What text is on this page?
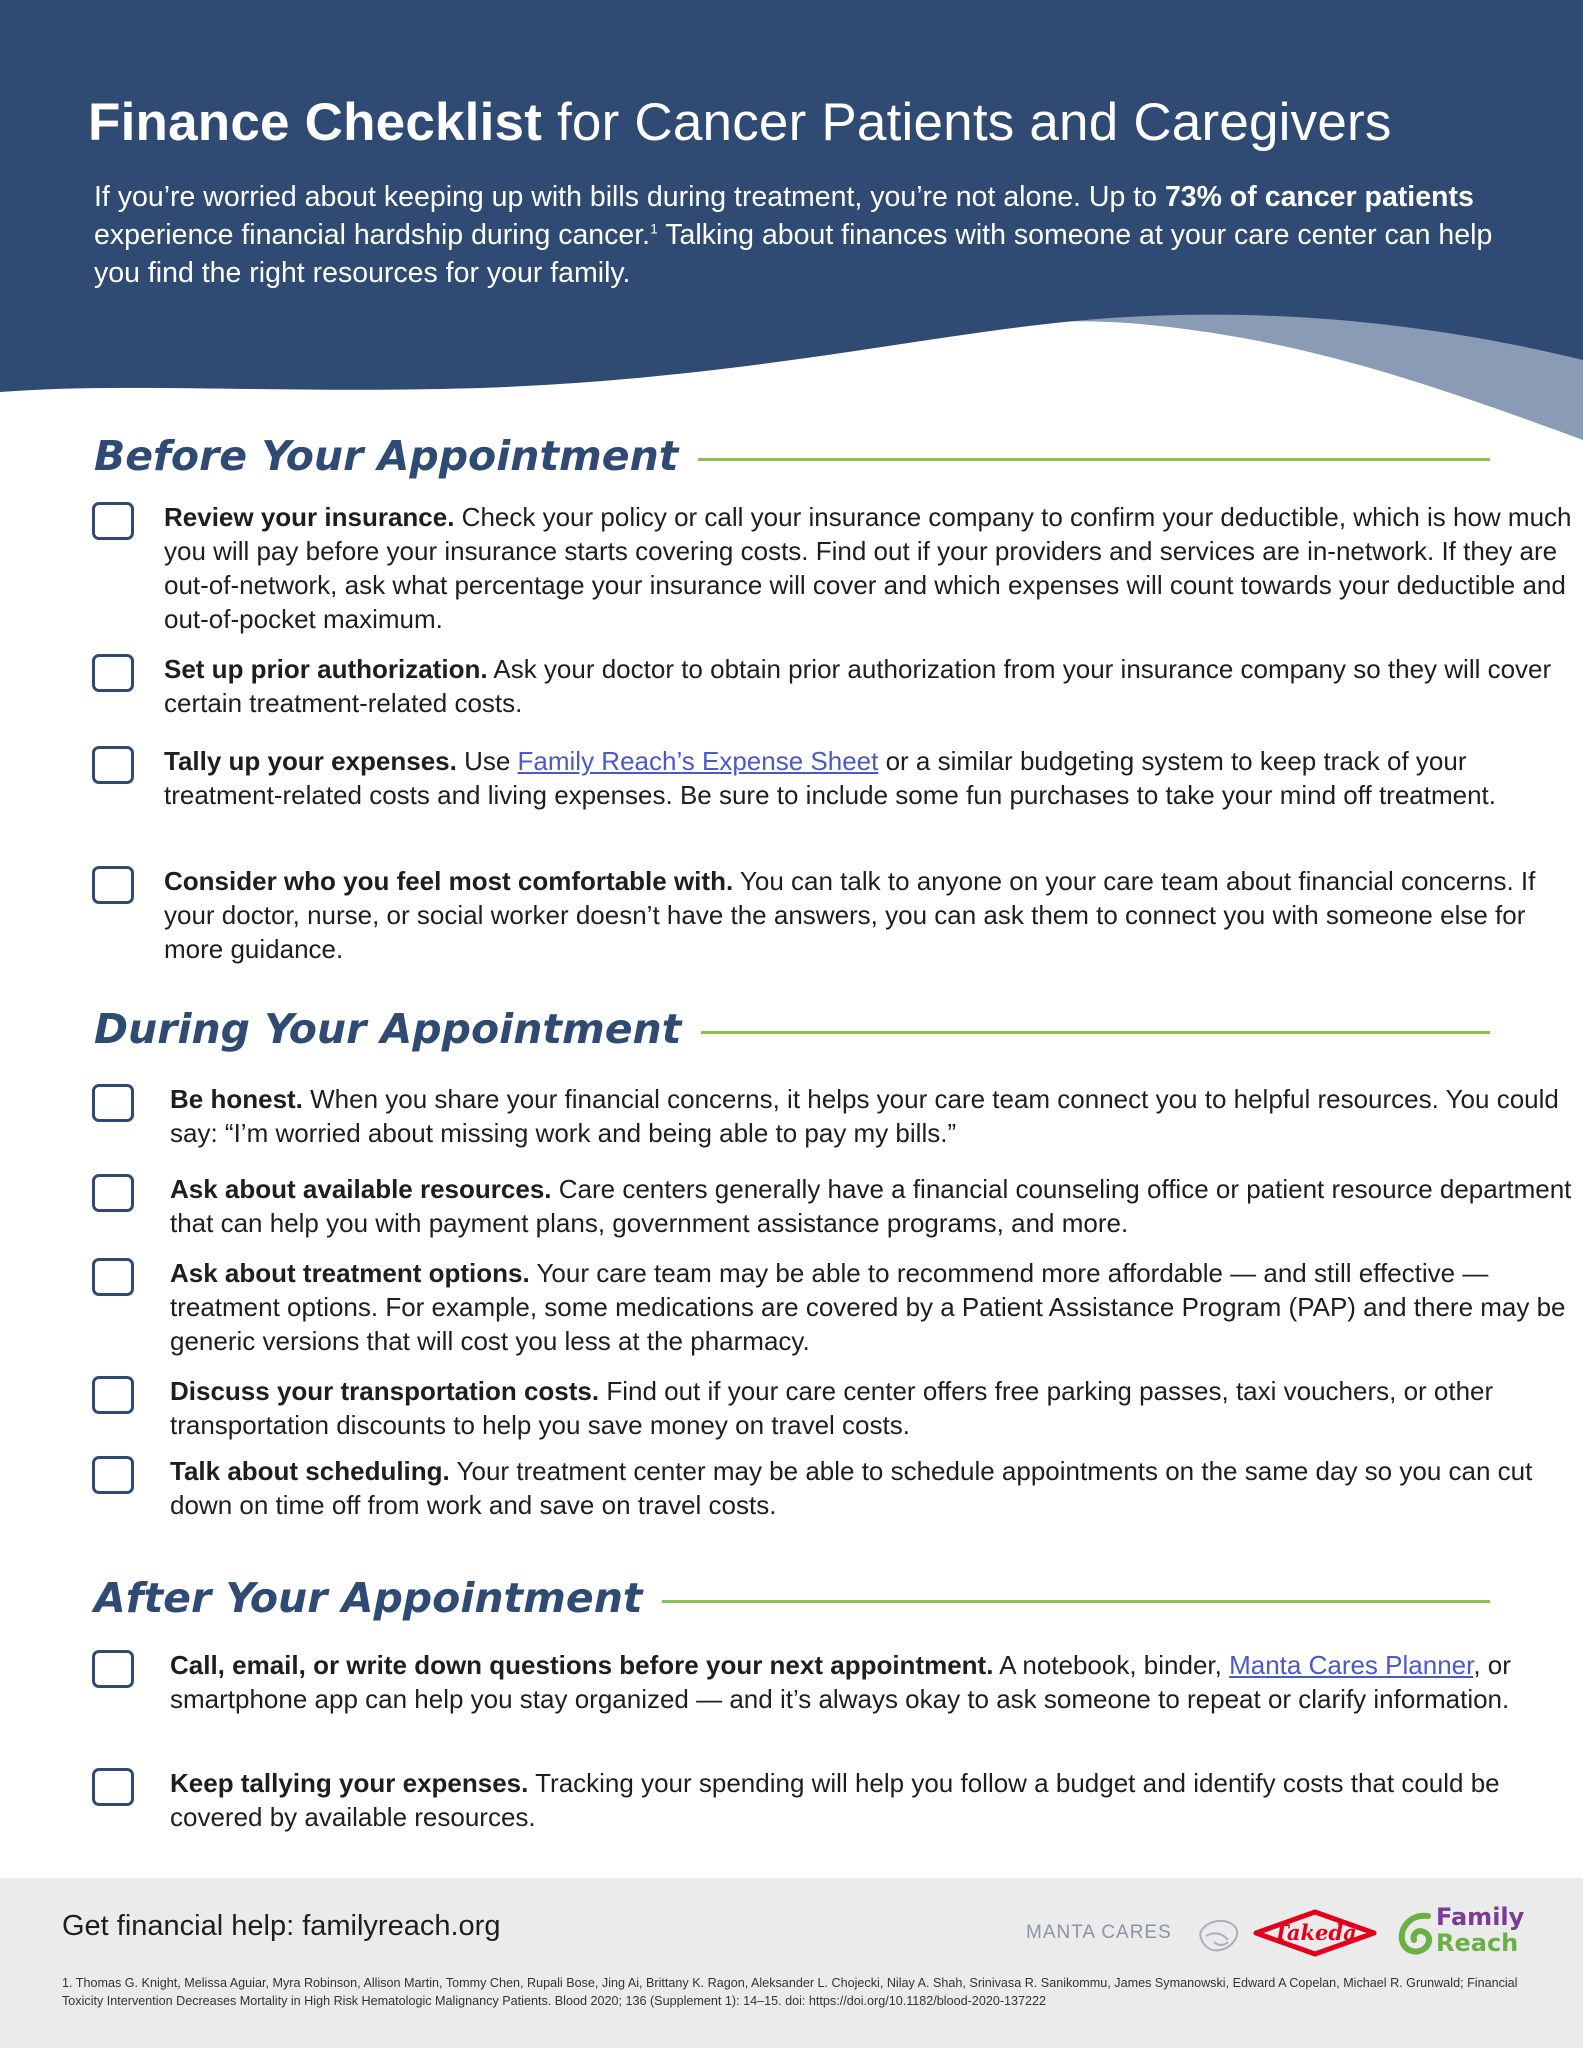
Finance Checklist for Cancer Patients and Caregivers

If you’re worried about keeping up with bills during treatment, you’re not alone. Up to 73% of cancer patients experience financial hardship during cancer.$^1$ Talking about finances with someone at your care center can help you find the right resources for your family.

Before Your Appointment

Review your insurance. Check your policy or call your insurance company to confirm your deductible, which is how much you will pay before your insurance starts covering costs. Find out if your providers and services are in-network. If they are out-of-network, ask what percentage your insurance will cover and which expenses will count towards your deductible and out-of-pocket maximum.

Set up prior authorization. Ask your doctor to obtain prior authorization from your insurance company so they will cover certain treatment-related costs.

Tally up your expenses. Use Family Reach’s Expense Sheet or a similar budgeting system to keep track of your treatment-related costs and living expenses. Be sure to include some fun purchases to take your mind off treatment.

Consider who you feel most comfortable with. You can talk to anyone on your care team about financial concerns. If your doctor, nurse, or social worker doesn’t have the answers, you can ask them to connect you with someone else for more guidance.

During Your Appointment

Be honest. When you share your financial concerns, it helps your care team connect you to helpful resources. You could say: “I’m worried about missing work and being able to pay my bills.”

Ask about available resources. Care centers generally have a financial counseling office or patient resource department that can help you with payment plans, government assistance programs, and more.

Ask about treatment options. Your care team may be able to recommend more affordable — and still effective — treatment options. For example, some medications are covered by a Patient Assistance Program (PAP) and there may be generic versions that will cost you less at the pharmacy.

Discuss your transportation costs. Find out if your care center offers free parking passes, taxi vouchers, or other transportation discounts to help you save money on travel costs.

Talk about scheduling. Your treatment center may be able to schedule appointments on the same day so you can cut down on time off from work and save on travel costs.

After Your Appointment

Call, email, or write down questions before your next appointment. A notebook, binder, Manta Cares Planner, or smartphone app can help you stay organized — and it’s always okay to ask someone to repeat or clarify information.

Keep tallying your expenses. Tracking your spending will help you follow a budget and identify costs that could be covered by available resources.

Get financial help: familyreach.org	MANTA CARES	Takeda
Family
Reach

1. Thomas G. Knight, Melissa Aguiar, Myra Robinson, Allison Martin, Tommy Chen, Rupali Bose, Jing Ai, Brittany K. Ragon, Aleksander L. Chojecki, Nilay A. Shah, Srinivasa R. Sanikommu, James Symanowski, Edward A Copelan, Michael R. Grunwald; Financial Toxicity Intervention Decreases Mortality in High Risk Hematologic Malignancy Patients. Blood 2020; 136 (Supplement 1): 14–15. doi: https://doi.org/10.1182/blood-2020-137222
